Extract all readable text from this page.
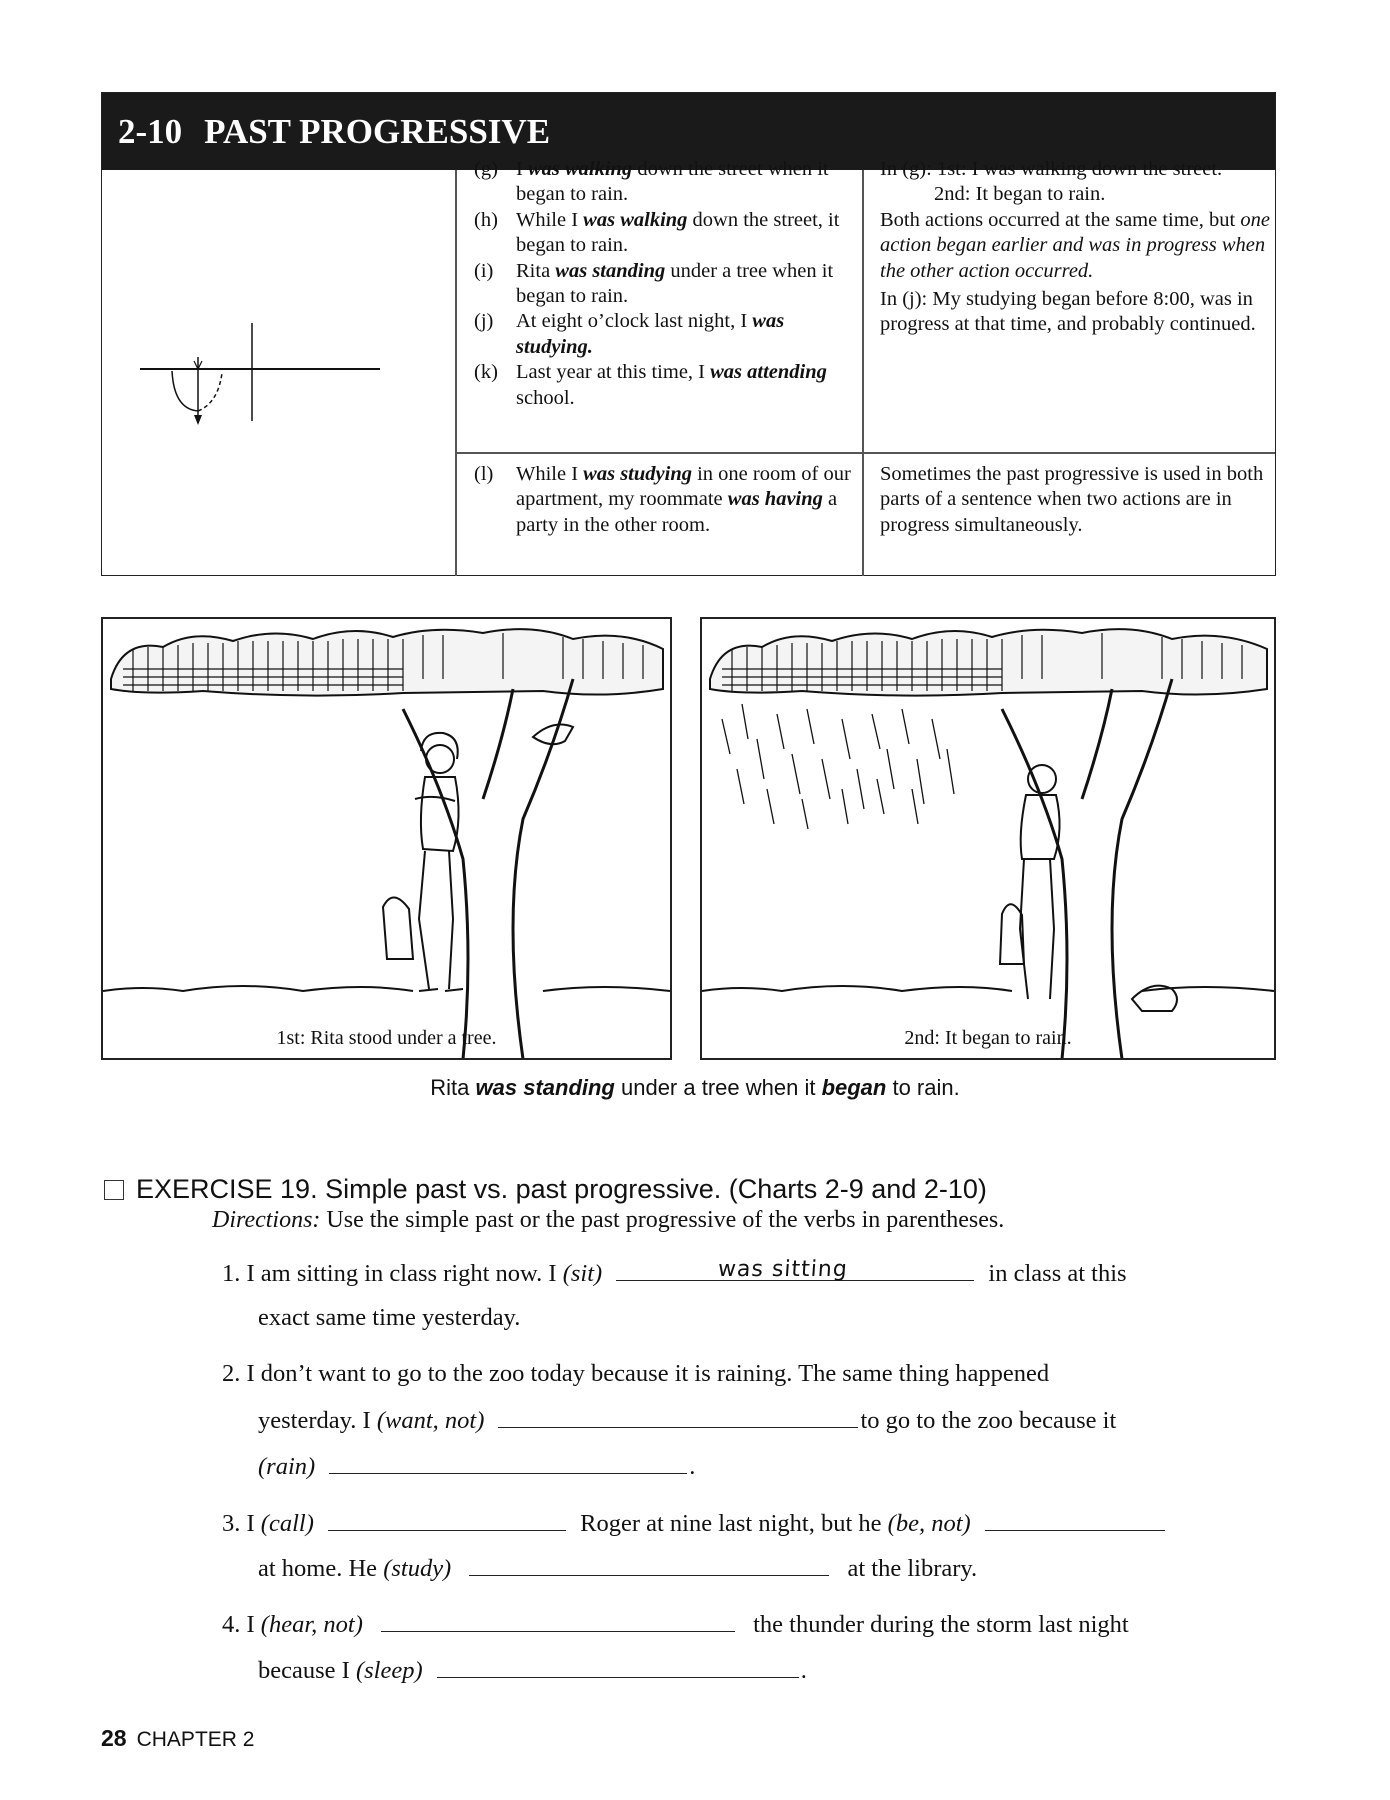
2-10 PAST PROGRESSIVE
(g) I was walking down the street when it began to rain.
(h) While I was walking down the street, it began to rain.
(i) Rita was standing under a tree when it began to rain.
(j) At eight o’clock last night, I was studying.
(k) Last year at this time, I was attending school.
In (g): 1st: I was walking down the street.
2nd: It began to rain.
Both actions occurred at the same time, but one action began earlier and was in progress when the other action occurred.
In (j): My studying began before 8:00, was in progress at that time, and probably continued.
(l) While I was studying in one room of our apartment, my roommate was having a party in the other room.
Sometimes the past progressive is used in both parts of a sentence when two actions are in progress simultaneously.
1st: Rita stood under a tree.	2nd: It began to rain.
Rita was standing under a tree when it began to rain.
EXERCISE 19. Simple past vs. past progressive. (Charts 2-9 and 2-10)
Directions: Use the simple past or the past progressive of the verbs in parentheses.
1. I am sitting in class right now. I (sit)	was sitting	in class at this
exact same time yesterday.
2. I don’t want to go to the zoo today because it is raining. The same thing happened
yesterday. I (want, not)	to go to the zoo because it
(rain)	.
3. I (call)	Roger at nine last night, but he (be, not)
at home. He (study)	at the library.
4. I (hear, not)	the thunder during the storm last night
because I (sleep)	.
28 CHAPTER 2
